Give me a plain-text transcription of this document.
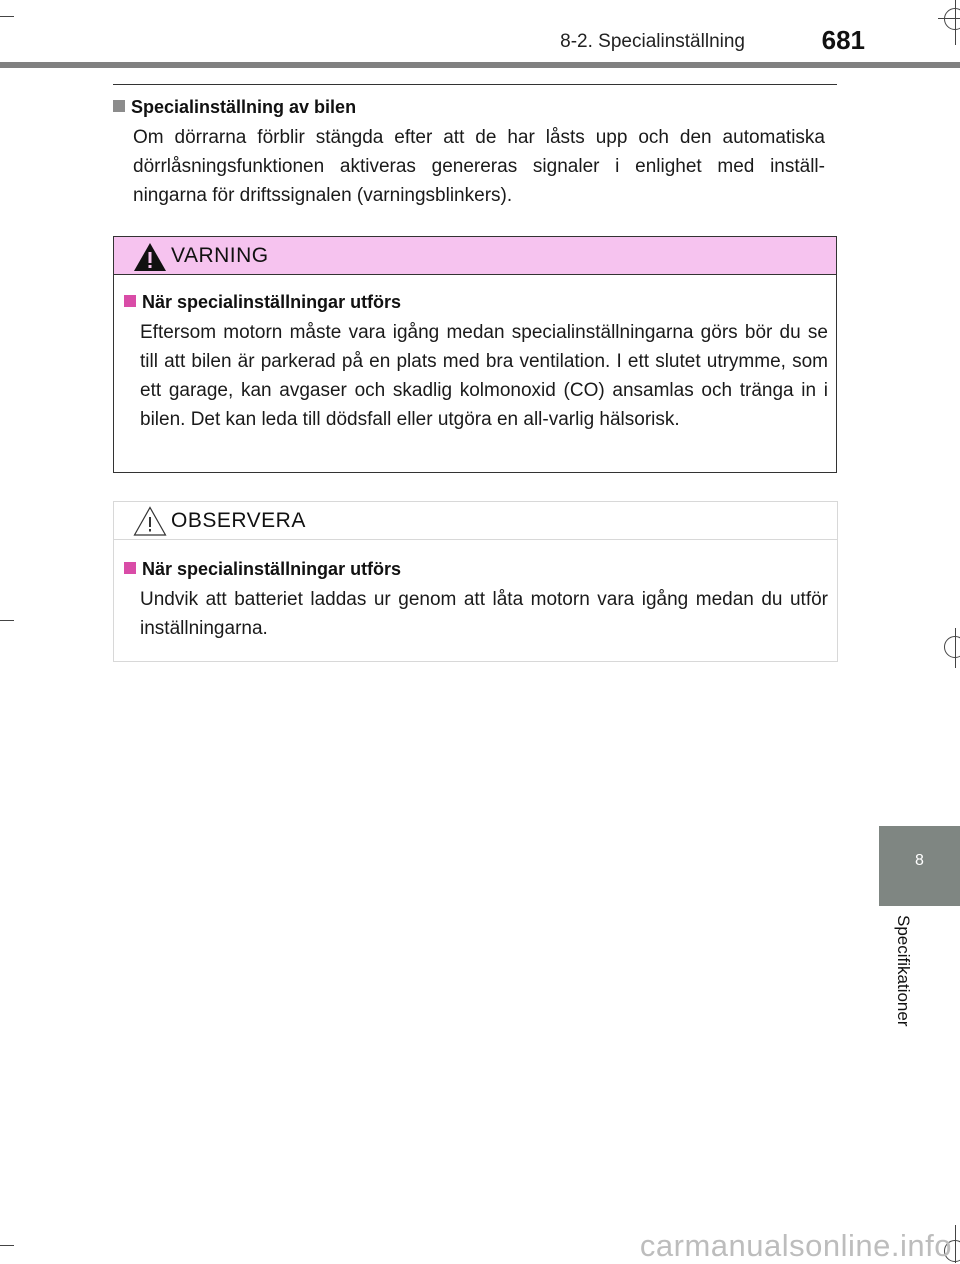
8-2. Specialinställning	681
8
Specifikationer
Specialinställning av bilen
Om dörrarna förblir stängda efter att de har låsts upp och den automatiska dörrlåsningsfunktionen aktiveras genereras signaler i enlighet med inställ-ningarna för driftssignalen (varningsblinkers).
VARNING
När specialinställningar utförs
Eftersom motorn måste vara igång medan specialinställningarna görs bör du se till att bilen är parkerad på en plats med bra ventilation. I ett slutet utrymme, som ett garage, kan avgaser och skadlig kolmonoxid (CO) ansamlas och tränga in i bilen. Det kan leda till dödsfall eller utgöra en all-varlig hälsorisk.
OBSERVERA
När specialinställningar utförs
Undvik att batteriet laddas ur genom att låta motorn vara igång medan du utför inställningarna.
carmanualsonline.info
